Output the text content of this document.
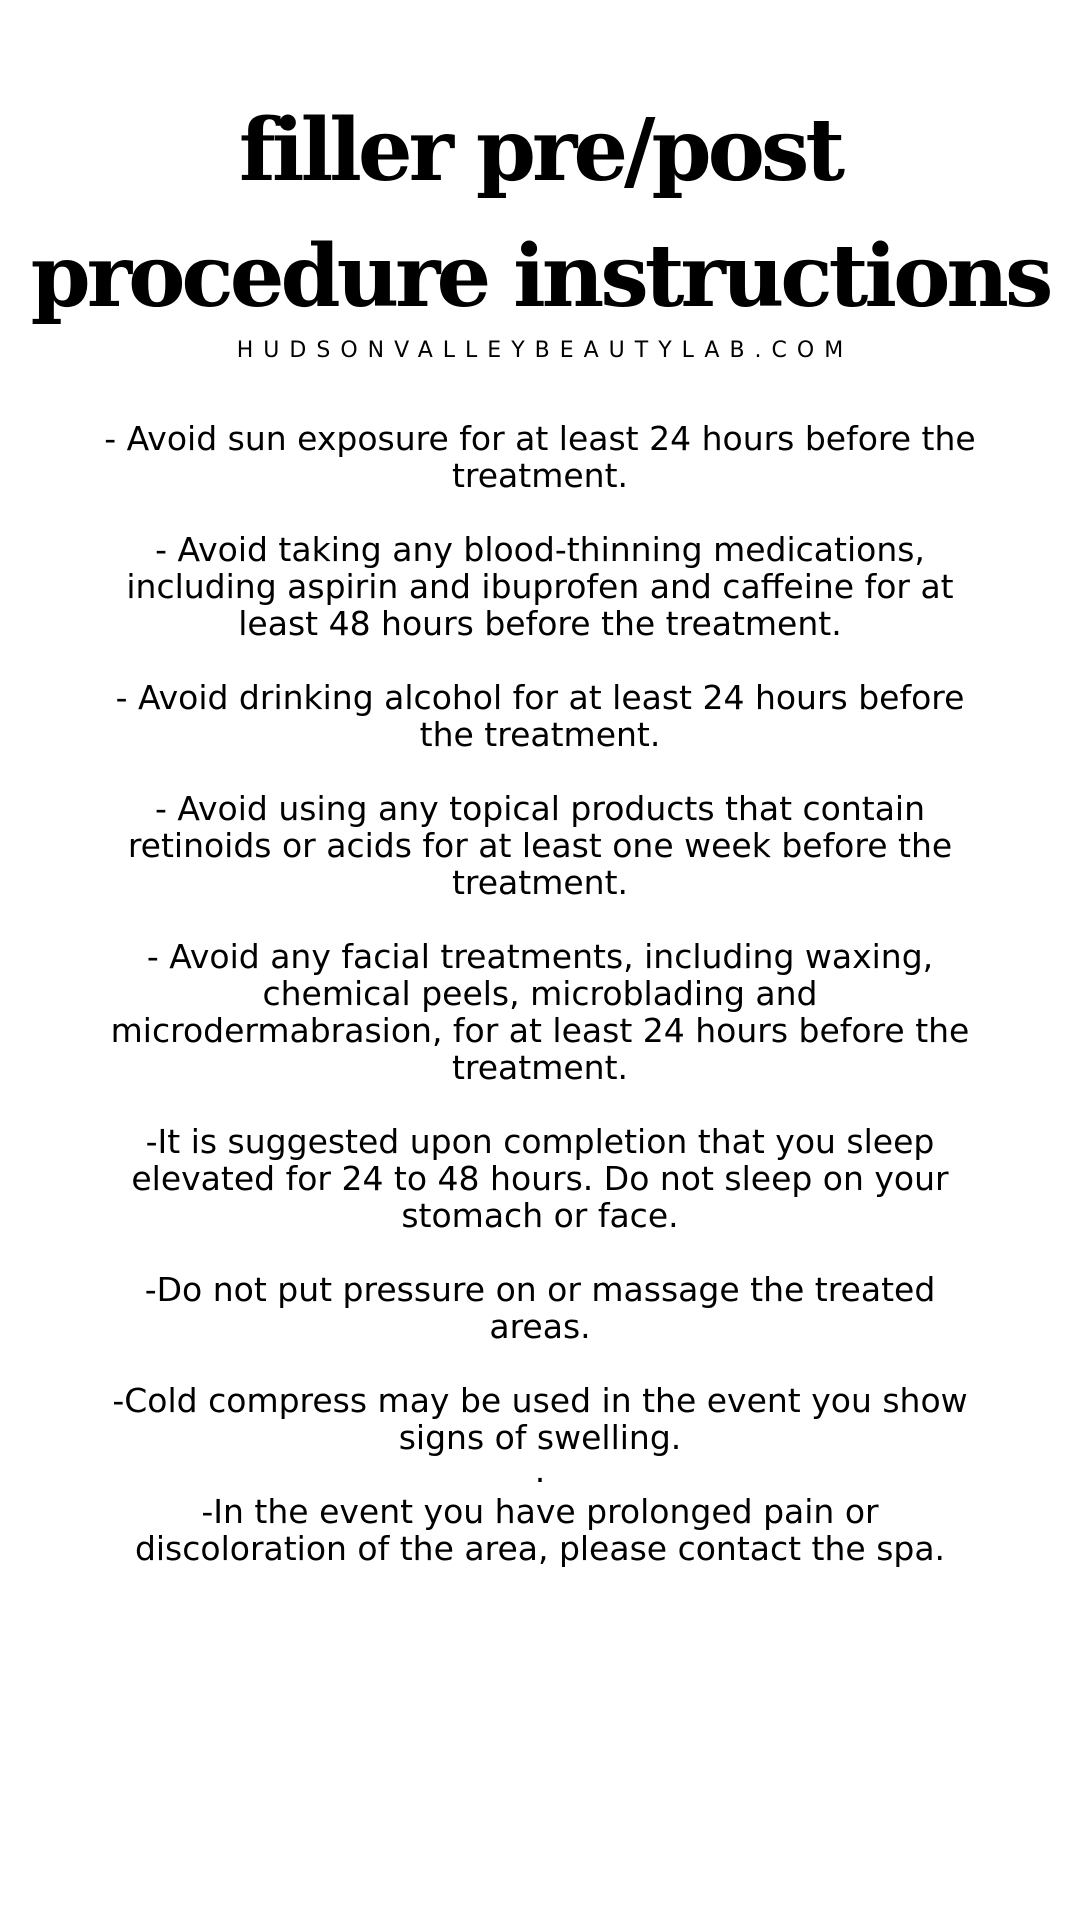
filler pre/post
procedure instructions
HUDSONVALLEYBEAUTYLAB.COM
- Avoid sun exposure for at least 24 hours before the treatment.
- Avoid taking any blood-thinning medications, including aspirin and ibuprofen and caffeine for at least 48 hours before the treatment.
- Avoid drinking alcohol for at least 24 hours before the treatment.
- Avoid using any topical products that contain retinoids or acids for at least one week before the treatment.
- Avoid any facial treatments, including waxing, chemical peels, microblading and microdermabrasion, for at least 24 hours before the treatment.
-It is suggested upon completion that you sleep elevated for 24 to 48 hours. Do not sleep on your stomach or face.
-Do not put pressure on or massage the treated areas.
-Cold compress may be used in the event you show signs of swelling.
.
-In the event you have prolonged pain or discoloration of the area, please contact the spa.
